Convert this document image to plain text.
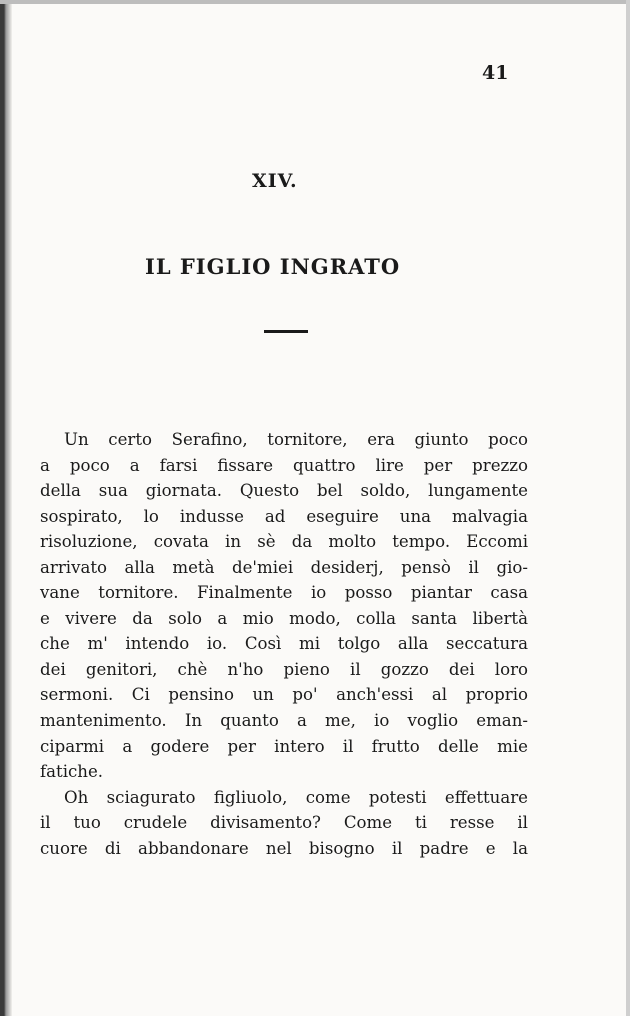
41
XIV.
IL FIGLIO INGRATO
Un certo Serafino, tornitore, era giunto poco
a poco a farsi fissare quattro lire per prezzo
della sua giornata. Questo bel soldo, lungamente
sospirato, lo indusse ad eseguire una malvagia
risoluzione, covata in sè da molto tempo. Eccomi
arrivato alla metà de'miei desiderj, pensò il gio-
vane tornitore. Finalmente io posso piantar casa
e vivere da solo a mio modo, colla santa libertà
che m' intendo io. Così mi tolgo alla seccatura
dei genitori, chè n'ho pieno il gozzo dei loro
sermoni. Ci pensino un po' anch'essi al proprio
mantenimento. In quanto a me, io voglio eman-
ciparmi a godere per intero il frutto delle mie
fatiche.
Oh sciagurato figliuolo, come potesti effettuare
il tuo crudele divisamento? Come ti resse il
cuore di abbandonare nel bisogno il padre e la
